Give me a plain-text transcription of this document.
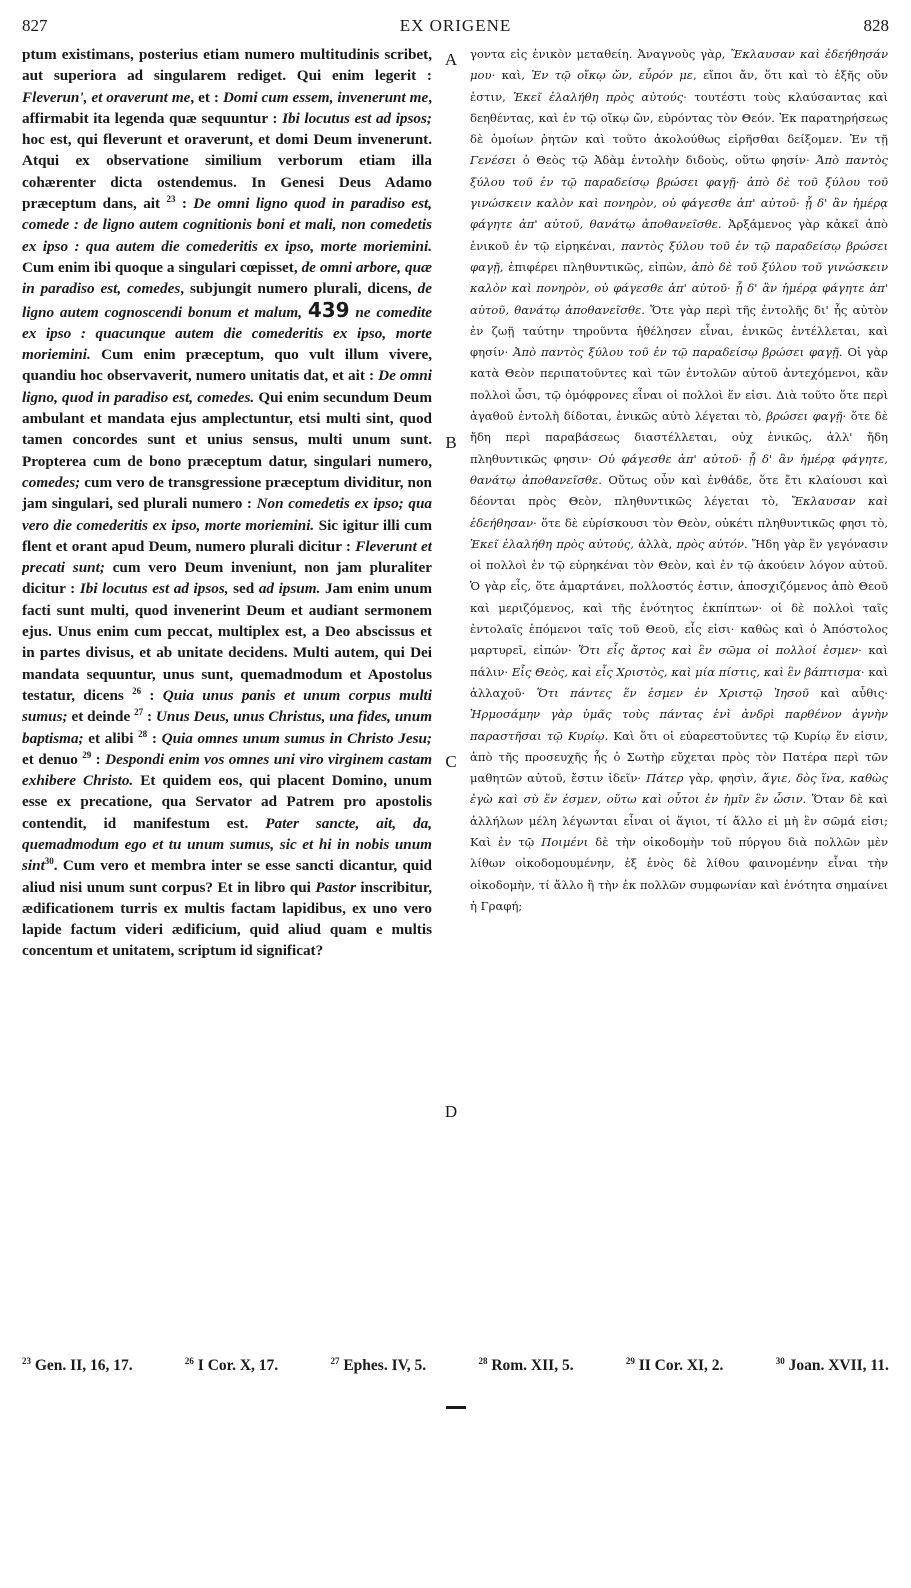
827	EX ORIGENE	828

ptum existimans, posterius etiam numero multitudinis scribet, aut superiora ad singularem rediget. Qui enim legerit : Fleverun', et oraverunt me, et : Domi cum essem, invenerunt me, affirmabit ita legenda quæ sequuntur : Ibi locutus est ad ipsos; hoc est, qui fleverunt et oraverunt, et domi Deum invenerunt. Atqui ex observatione similium verborum etiam illa cohærenter dicta ostendemus. In Genesi Deus Adamo præceptum dans, ait $^{23}$ : De omni ligno quod in paradiso est, comede : de ligno autem cognitionis boni et mali, non comedetis ex ipso : qua autem die comederitis ex ipso, morte moriemini. Cum enim ibi quoque a singulari cœpisset, de omni arbore, quæ in paradiso est, comedes, subjungit numero plurali, dicens, de ligno autem cognoscendi bonum et malum, 439 ne comedite ex ipso : quacunque autem die comederitis ex ipso, morte moriemini. Cum enim præceptum, quo vult illum vivere, quandiu hoc observaverit, numero unitatis dat, et ait : De omni ligno, quod in paradiso est, comedes. Qui enim secundum Deum ambulant et mandata ejus amplectuntur, etsi multi sint, quod tamen concordes sunt et unius sensus, multi unum sunt. Propterea cum de bono præceptum datur, singulari numero, comedes; cum vero de transgressione præceptum dividitur, non jam singulari, sed plurali numero : Non comedetis ex ipso; qua vero die comederitis ex ipso, morte moriemini. Sic igitur illi cum flent et orant apud Deum, numero plurali dicitur : Fleverunt et precati sunt; cum vero Deum inveniunt, non jam pluraliter dicitur : Ibi locutus est ad ipsos, sed ad ipsum. Jam enim unum facti sunt multi, quod invenerint Deum et audiant sermonem ejus. Unus enim cum peccat, multiplex est, a Deo abscissus et in partes divisus, et ab unitate decidens. Multi autem, qui Dei mandata sequuntur, unus sunt, quemadmodum et Apostolus testatur, dicens $^{26}$ : Quia unus panis et unum corpus multi sumus; et deinde $^{27}$ : Unus Deus, unus Christus, una fides, unum baptisma; et alibi $^{28}$ : Quia omnes unum sumus in Christo Jesu; et denuo $^{29}$ : Despondi enim vos omnes uni viro virginem castam exhibere Christo. Et quidem eos, qui placent Domino, unum esse ex precatione, qua Servator ad Patrem pro apostolis contendit, id manifestum est. Pater sancte, ait, da, quemadmodum ego et tu unum sumus, sic et hi in nobis unum sint$^{30}$. Cum vero et membra inter se esse sancti dicantur, quid aliud nisi unum sunt corpus? Et in libro qui Pastor inscribitur, ædificationem turris ex multis factam lapidibus, ex uno vero lapide factum videri ædificium, quid aliud quam e multis concentum et unitatem, scriptum id significat?

A
B
C
D

γοντα εἰς ἑνικὸν μεταθείη. Ἀναγνοὺς γὰρ, Ἔκλαυσαν καὶ ἐδεήθησάν μου· καὶ, Ἐν τῷ οἴκῳ ὤν, εὗρόν με, εἴποι ἄν, ὅτι καὶ τὸ ἑξῆς οὕν ἐστιν, Ἐκεῖ ἐλαλήθη πρὸς αὐτούς· τουτέστι τοὺς κλαύσαντας καὶ δεηθέντας, καὶ ἐν τῷ οἴκῳ ὤν, εὑρόντας τὸν Θεόν. Ἐκ παρατηρήσεως δὲ ὁμοίων ῥητῶν καὶ τοῦτο ἀκολούθως εἰρῆσθαι δείξομεν. Ἐν τῇ Γενέσει ὁ Θεὸς τῷ Ἀδὰμ ἐντολὴν διδοὺς, οὕτω φησίν· Ἀπὸ παντὸς ξύλου τοῦ ἐν τῷ παραδείσῳ βρώσει φαγῇ· ἀπὸ δὲ τοῦ ξύλου τοῦ γινώσκειν καλὸν καὶ πονηρὸν, οὐ φάγεσθε ἀπ' αὐτοῦ· ᾗ δ' ἂν ἡμέρᾳ φάγητε ἀπ' αὐτοῦ, θανάτῳ ἀποθανεῖσθε. Ἀρξάμενος γὰρ κἀκεῖ ἀπὸ ἑνικοῦ ἐν τῷ εἰρηκέναι, παντὸς ξύλου τοῦ ἐν τῷ παραδείσῳ βρώσει φαγῇ, ἐπιφέρει πληθυντικῶς, εἰπὼν, ἀπὸ δὲ τοῦ ξύλου τοῦ γινώσκειν καλὸν καὶ πονηρὸν, οὐ φάγεσθε ἀπ' αὐτοῦ· ᾗ δ' ἂν ἡμέρᾳ φάγητε ἀπ' αὐτοῦ, θανάτῳ ἀποθανεῖσθε. Ὅτε γὰρ περὶ τῆς ἐντολῆς δι' ἧς αὐτὸν ἐν ζωῇ ταύτην τηροῦντα ἠθέλησεν εἶναι, ἑνικῶς ἐντέλλεται, καὶ φησίν· Ἀπὸ παντὸς ξύλου τοῦ ἐν τῷ παραδείσῳ βρώσει φαγῇ. Οἱ γὰρ κατὰ Θεὸν περιπατοῦντες καὶ τῶν ἐντολῶν αὐτοῦ ἀντεχόμενοι, κἂν πολλοὶ ὦσι, τῷ ὁμόφρονες εἶναι οἱ πολλοὶ ἕν εἰσι. Διὰ τοῦτο ὅτε περὶ ἀγαθοῦ ἐντολὴ δίδοται, ἑνικῶς αὐτὸ λέγεται τὸ, βρώσει φαγῇ· ὅτε δὲ ἤδη περὶ παραβάσεως διαστέλλεται, οὐχ ἑνικῶς, ἀλλ' ἤδη πληθυντικῶς φησιν· Οὐ φάγεσθε ἀπ' αὐτοῦ· ᾗ δ' ἂν ἡμέρᾳ φάγητε, θανάτῳ ἀποθανεῖσθε. Οὕτως οὖν καὶ ἐνθάδε, ὅτε ἔτι κλαίουσι καὶ δέονται πρὸς Θεὸν, πληθυντικῶς λέγεται τὸ, Ἔκλαυσαν καὶ ἐδεήθησαν· ὅτε δὲ εὑρίσκουσι τὸν Θεὸν, οὐκέτι πληθυντικῶς φησι τὸ, Ἐκεῖ ἐλαλήθη πρὸς αὐτούς, ἀλλὰ, πρὸς αὐτόν. Ἤδη γὰρ ἓν γεγόνασιν οἱ πολλοὶ ἐν τῷ εὑρηκέναι τὸν Θεὸν, καὶ ἐν τῷ ἀκούειν λόγον αὐτοῦ. Ὁ γὰρ εἷς, ὅτε ἁμαρτάνει, πολλοστός ἐστιν, ἀποσχιζόμενος ἀπὸ Θεοῦ καὶ μεριζόμενος, καὶ τῆς ἑνότητος ἐκπίπτων· οἱ δὲ πολλοὶ ταῖς ἐντολαῖς ἑπόμενοι ταῖς τοῦ Θεοῦ, εἷς εἰσι· καθὼς καὶ ὁ Ἀπόστολος μαρτυρεῖ, εἰπών· Ὅτι εἷς ἄρτος καὶ ἓν σῶμα οἱ πολλοί ἐσμεν· καὶ πάλιν· Εἷς Θεὸς, καὶ εἷς Χριστὸς, καὶ μία πίστις, καὶ ἓν βάπτισμα· καὶ ἀλλαχοῦ· Ὅτι πάντες ἕν ἐσμεν ἐν Χριστῷ Ἰησοῦ καὶ αὖθις· Ἡρμοσάμην γὰρ ὑμᾶς τοὺς πάντας ἑνὶ ἀνδρὶ παρθένον ἁγνὴν παραστῆσαι τῷ Κυρίῳ. Καὶ ὅτι οἱ εὐαρεστοῦντες τῷ Κυρίῳ ἕν εἰσιν, ἀπὸ τῆς προσευχῆς ἧς ὁ Σωτὴρ εὔχεται πρὸς τὸν Πατέρα περὶ τῶν μαθητῶν αὐτοῦ, ἔστιν ἰδεῖν· Πάτερ γὰρ, φησὶν, ἅγιε, δὸς ἵνα, καθὼς ἐγὼ καὶ σὺ ἕν ἐσμεν, οὕτω καὶ οὗτοι ἐν ἡμῖν ἓν ὦσιν. Ὅταν δὲ καὶ ἀλλήλων μέλη λέγωνται εἶναι οἱ ἅγιοι, τί ἄλλο εἰ μὴ ἓν σῶμά εἰσι; Καὶ ἐν τῷ Ποιμένι δὲ τὴν οἰκοδομὴν τοῦ πύργου διὰ πολλῶν μὲν λίθων οἰκοδομουμένην, ἐξ ἑνὸς δὲ λίθου φαινομένην εἶναι τὴν οἰκοδομὴν, τί ἄλλο ἢ τὴν ἐκ πολλῶν συμφωνίαν καὶ ἑνότητα σημαίνει ἡ Γραφή;

$^{23}$ Gen. II, 16, 17.	$^{26}$ I Cor. X, 17.	$^{27}$ Ephes. IV, 5.	$^{28}$ Rom. XII, 5.	$^{29}$ II Cor. XI, 2.	$^{30}$ Joan. XVII, 11.
